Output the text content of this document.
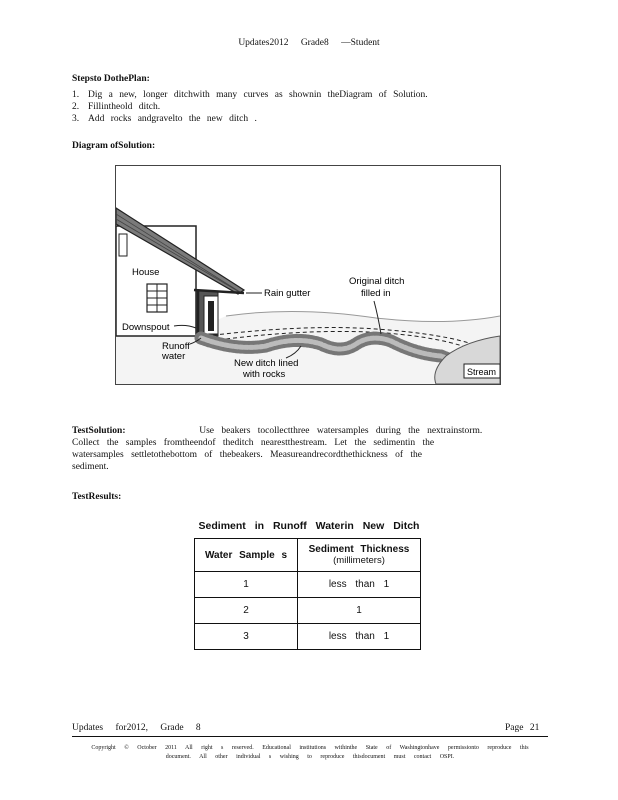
Updates2012 Grade8 —Student
Stepsto DothePlan:
1. Dig a new, longer ditchwith many curves as shownin theDiagram of Solution.
2. Fillintheold ditch.
3. Add rocks andgravelto the new ditch .
Diagram ofSolution:
House
Rain gutter
Original ditch
filled in
Downspout
Runoff
water
New ditch lined
with rocks	Stream
TestSolution:	Use beakers tocollectthree watersamples during the nextrainstorm.
Collect the samples fromtheendof theditch nearestthestream. Let the sedimentin the
watersamples settletothebottom of thebeakers. Measureandrecordthethickness of the
sediment.
TestResults:
Sediment in Runoff Waterin New Ditch
Water Sample s	Sediment Thickness
(millimeters)

1	less than 1
2	1
3	less than 1
Updates for2012, Grade 8	Page 21
Copyright © October 2011 All right s reserved. Educational institutions withinthe State of Washingtonhave permissionto reproduce this
document. All other individual s wishing to reproduce thisdocument must contact OSPI.
